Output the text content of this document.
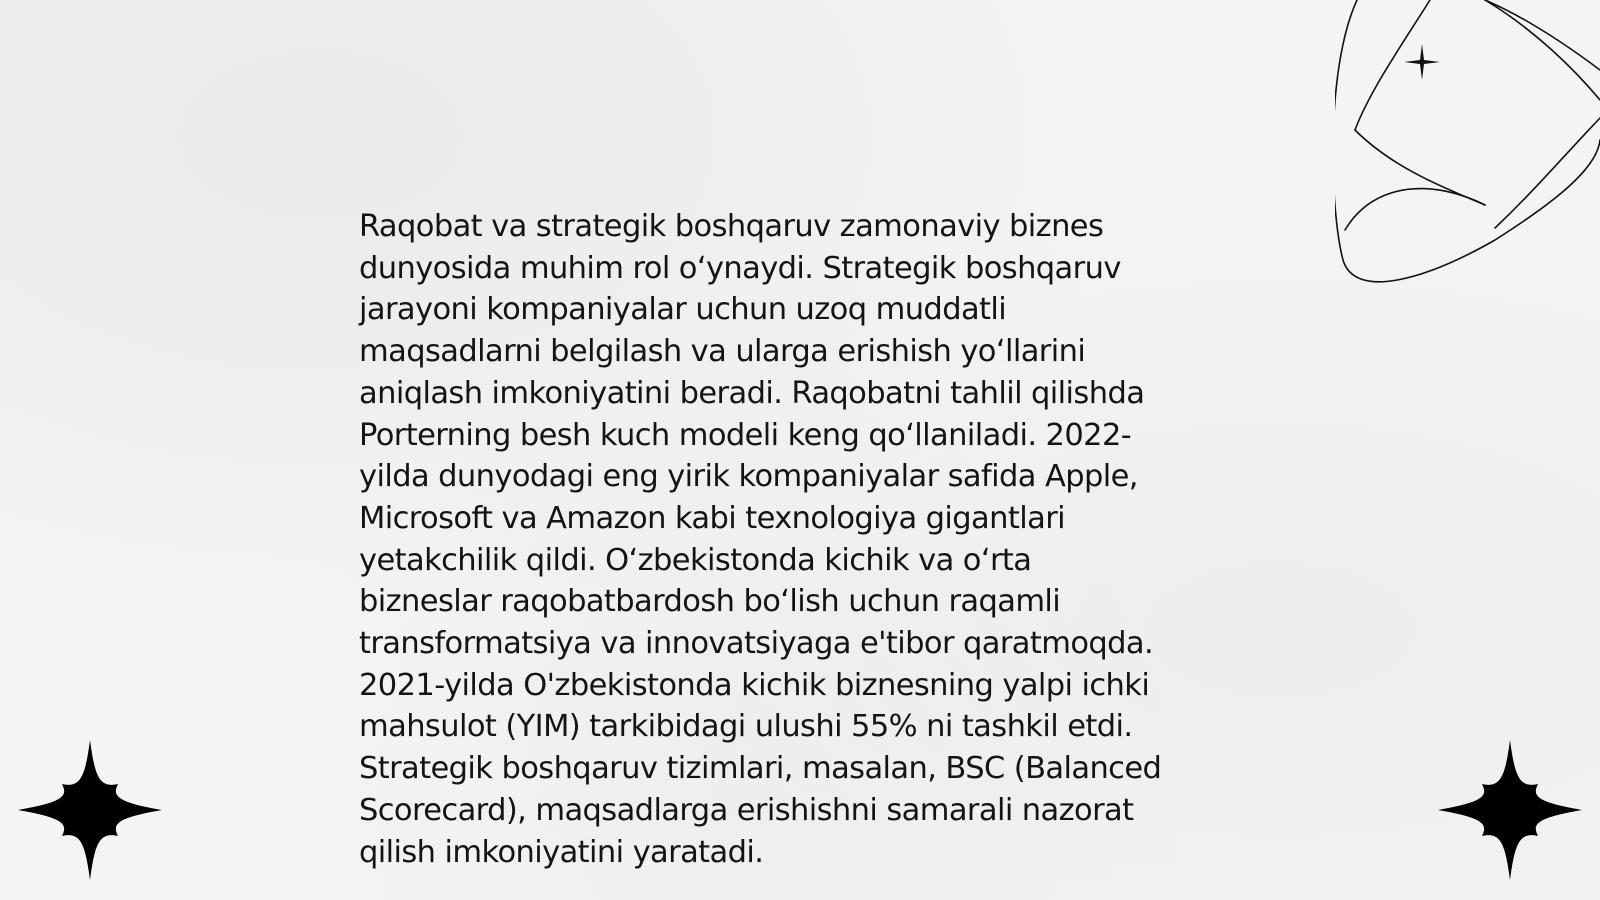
Raqobat va strategik boshqaruv zamonaviy biznes
dunyosida muhim rol oʻynaydi. Strategik boshqaruv
jarayoni kompaniyalar uchun uzoq muddatli
maqsadlarni belgilash va ularga erishish yoʻllarini
aniqlash imkoniyatini beradi. Raqobatni tahlil qilishda
Porterning besh kuch modeli keng qoʻllaniladi. 2022-
yilda dunyodagi eng yirik kompaniyalar safida Apple,
Microsoft va Amazon kabi texnologiya gigantlari
yetakchilik qildi. Oʻzbekistonda kichik va oʻrta
bizneslar raqobatbardosh boʻlish uchun raqamli
transformatsiya va innovatsiyaga e'tibor qaratmoqda.
2021-yilda O'zbekistonda kichik biznesning yalpi ichki
mahsulot (YIM) tarkibidagi ulushi 55% ni tashkil etdi.
Strategik boshqaruv tizimlari, masalan, BSC (Balanced
Scorecard), maqsadlarga erishishni samarali nazorat
qilish imkoniyatini yaratadi.
